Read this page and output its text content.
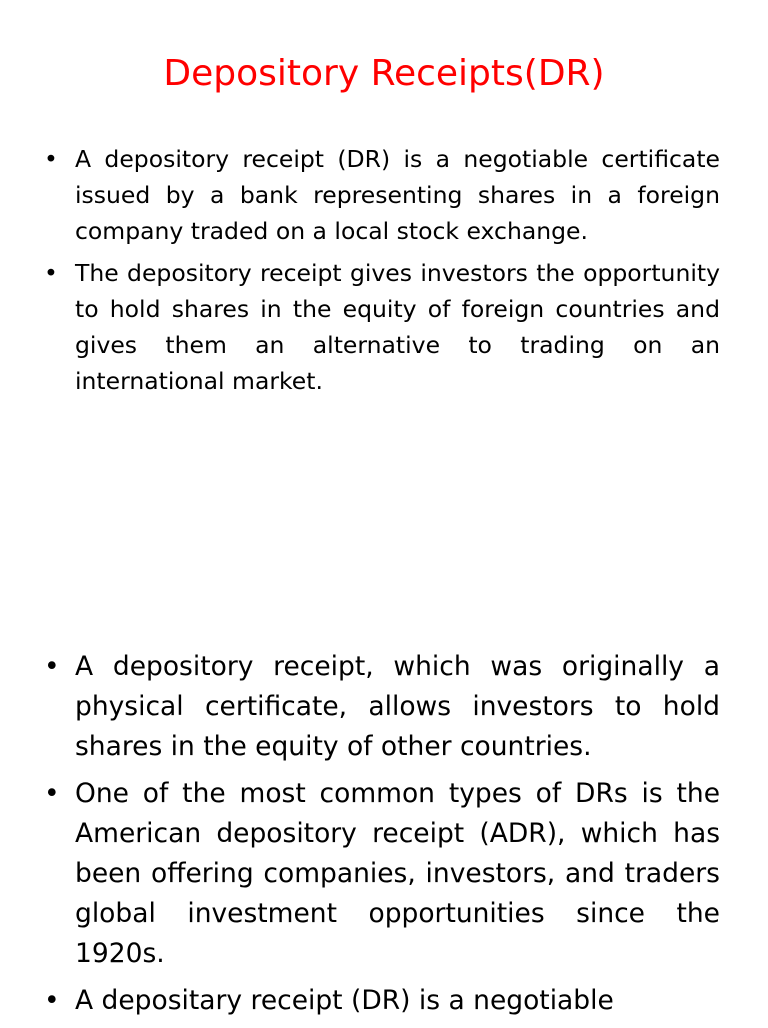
Depository Receipts(DR)
• A depository receipt (DR) is a negotiable certificate issued by a bank representing shares in a foreign company traded on a local stock exchange.
• The depository receipt gives investors the opportunity to hold shares in the equity of foreign countries and gives them an alternative to trading on an international market.
• A depository receipt, which was originally a physical certificate, allows investors to hold shares in the equity of other countries.
• One of the most common types of DRs is the American depository receipt (ADR), which has been offering companies, investors, and traders global investment opportunities since the 1920s.
• A depositary receipt (DR) is a negotiable
